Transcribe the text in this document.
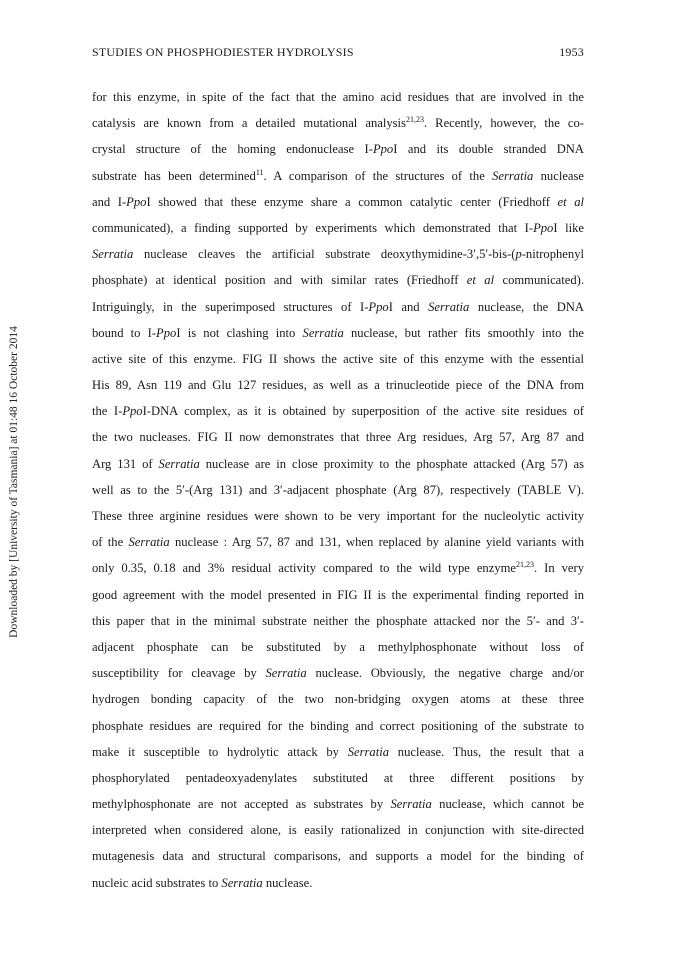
STUDIES ON PHOSPHODIESTER HYDROLYSIS	1953
Downloaded by [University of Tasmania] at 01:48 16 October 2014
for this enzyme, in spite of the fact that the amino acid residues that are involved in the
catalysis are known from a detailed mutational analysis$^{21,23}$. Recently, however, the co-
crystal structure of the homing endonuclease I-PpoI and its double stranded DNA
substrate has been determined$^{11}$. A comparison of the structures of the Serratia nuclease
and I-PpoI showed that these enzyme share a common catalytic center (Friedhoff et al
communicated), a finding supported by experiments which demonstrated that I-PpoI like
Serratia nuclease cleaves the artificial substrate deoxythymidine-3′,5′-bis-(p-nitrophenyl
phosphate) at identical position and with similar rates (Friedhoff et al communicated).
Intriguingly, in the superimposed structures of I-PpoI and Serratia nuclease, the DNA
bound to I-PpoI is not clashing into Serratia nuclease, but rather fits smoothly into the
active site of this enzyme. FIG II shows the active site of this enzyme with the essential
His 89, Asn 119 and Glu 127 residues, as well as a trinucleotide piece of the DNA from
the I-PpoI-DNA complex, as it is obtained by superposition of the active site residues of
the two nucleases. FIG II now demonstrates that three Arg residues, Arg 57, Arg 87 and
Arg 131 of Serratia nuclease are in close proximity to the phosphate attacked (Arg 57) as
well as to the 5′-(Arg 131) and 3′-adjacent phosphate (Arg 87), respectively (TABLE V).
These three arginine residues were shown to be very important for the nucleolytic activity
of the Serratia nuclease : Arg 57, 87 and 131, when replaced by alanine yield variants with
only 0.35, 0.18 and 3% residual activity compared to the wild type enzyme$^{21,23}$. In very
good agreement with the model presented in FIG II is the experimental finding reported in
this paper that in the minimal substrate neither the phosphate attacked nor the 5′- and 3′-
adjacent phosphate can be substituted by a methylphosphonate without loss of
susceptibility for cleavage by Serratia nuclease. Obviously, the negative charge and/or
hydrogen bonding capacity of the two non-bridging oxygen atoms at these three
phosphate residues are required for the binding and correct positioning of the substrate to
make it susceptible to hydrolytic attack by Serratia nuclease. Thus, the result that a
phosphorylated pentadeoxyadenylates substituted at three different positions by
methylphosphonate are not accepted as substrates by Serratia nuclease, which cannot be
interpreted when considered alone, is easily rationalized in conjunction with site-directed
mutagenesis data and structural comparisons, and supports a model for the binding of
nucleic acid substrates to Serratia nuclease.
